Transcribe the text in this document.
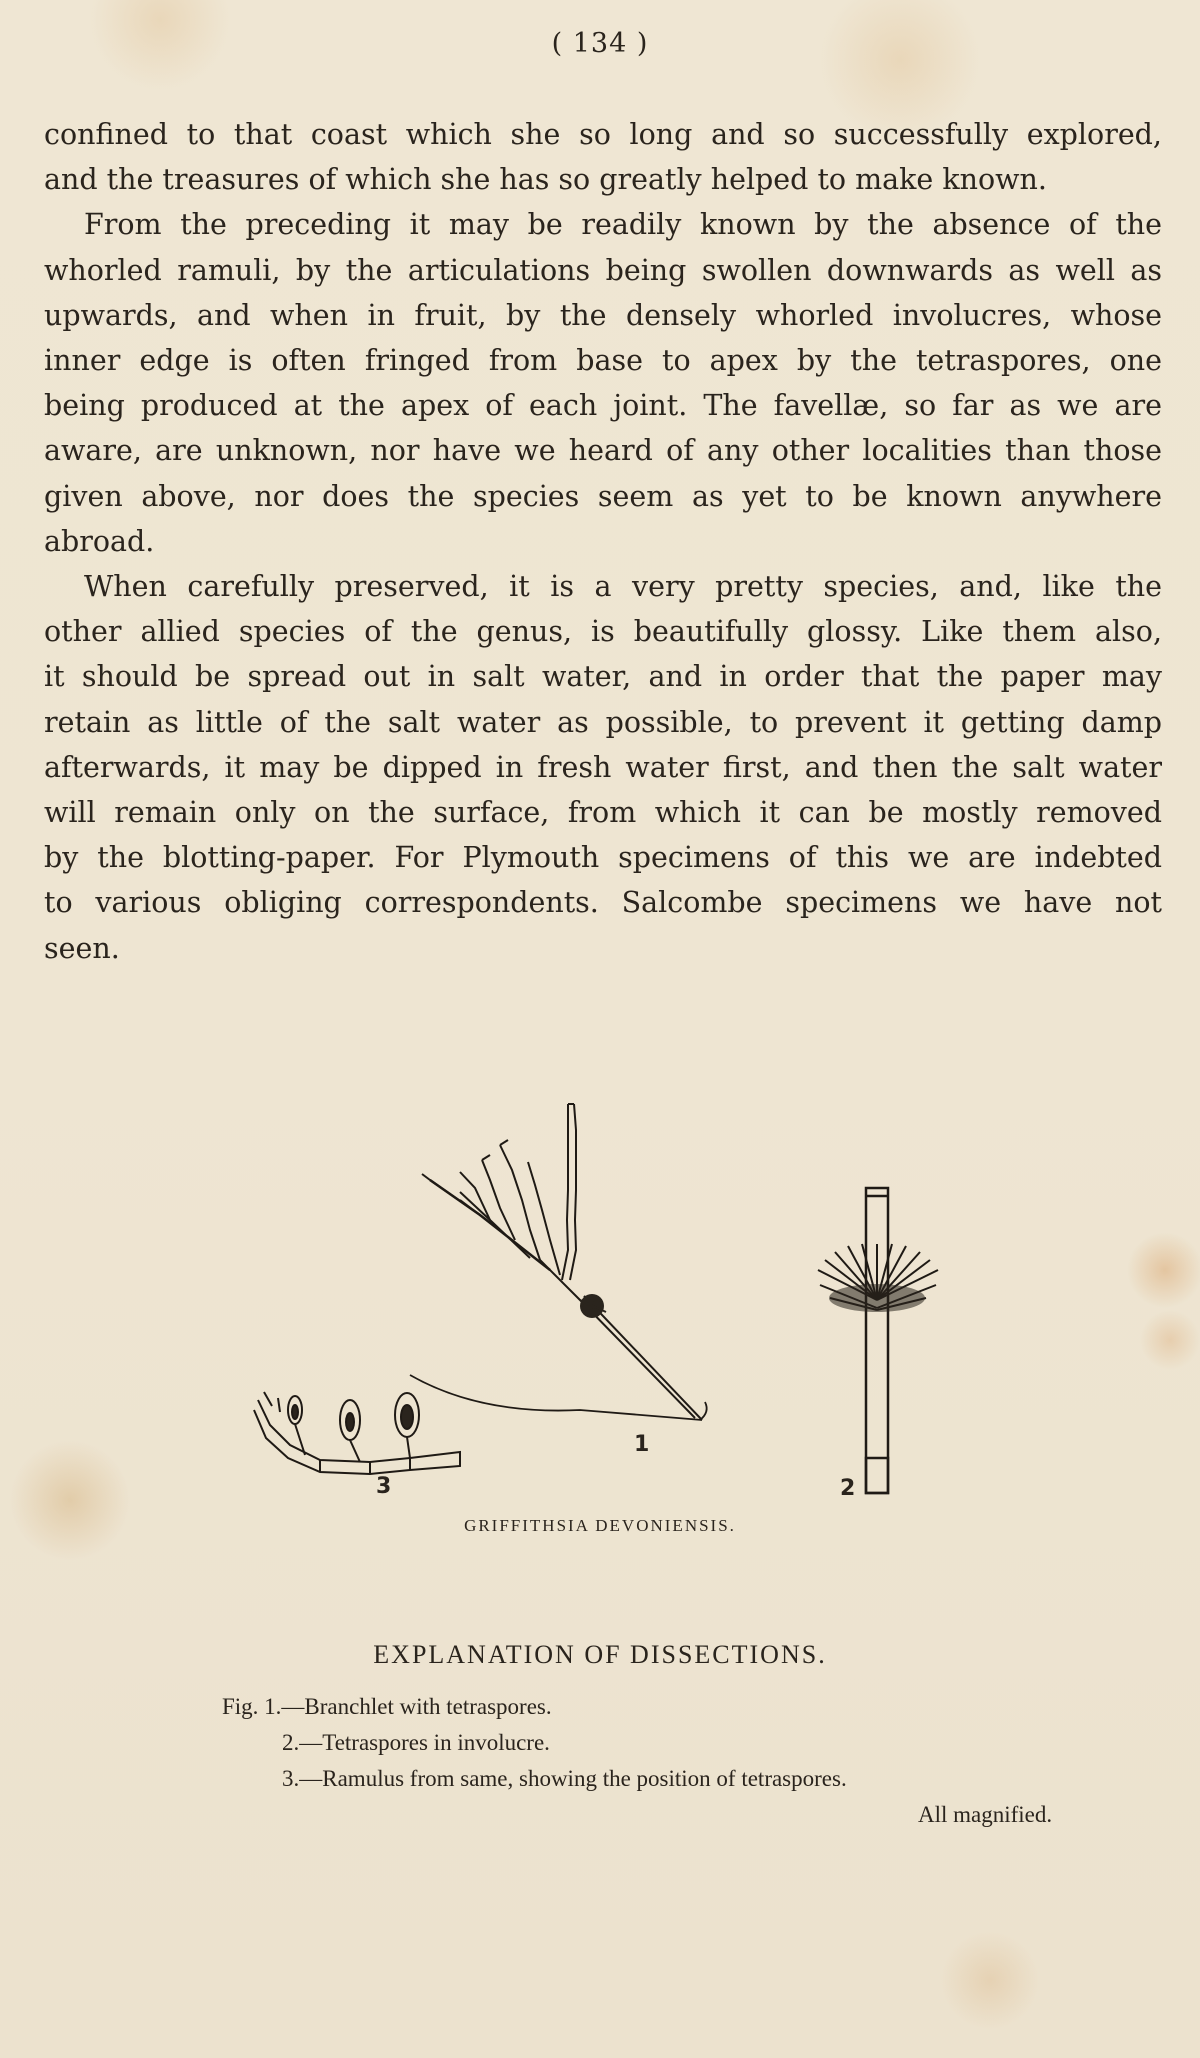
( 134 )

confined to that coast which she so long and so successfully explored,

and the treasures of which she has so greatly helped to make known.

From the preceding it may be readily known by the absence of the

whorled ramuli, by the articulations being swollen downwards as well as

upwards, and when in fruit, by the densely whorled involucres, whose

inner edge is often fringed from base to apex by the tetraspores, one

being produced at the apex of each joint. The favellæ, so far as we are

aware, are unknown, nor have we heard of any other localities than those

given above, nor does the species seem as yet to be known anywhere

abroad.

When carefully preserved, it is a very pretty species, and, like the

other allied species of the genus, is beautifully glossy. Like them also,

it should be spread out in salt water, and in order that the paper may

retain as little of the salt water as possible, to prevent it getting damp

afterwards, it may be dipped in fresh water first, and then the salt water

will remain only on the surface, from which it can be mostly removed

by the blotting-paper. For Plymouth specimens of this we are indebted

to various obliging correspondents. Salcombe specimens we have not

seen.

1
2
3
GRIFFITHSIA DEVONIENSIS.
EXPLANATION OF DISSECTIONS.
Fig. 1.—Branchlet with tetraspores.
2.—Tetraspores in involucre.
3.—Ramulus from same, showing the position of tetraspores.
All magnified.
